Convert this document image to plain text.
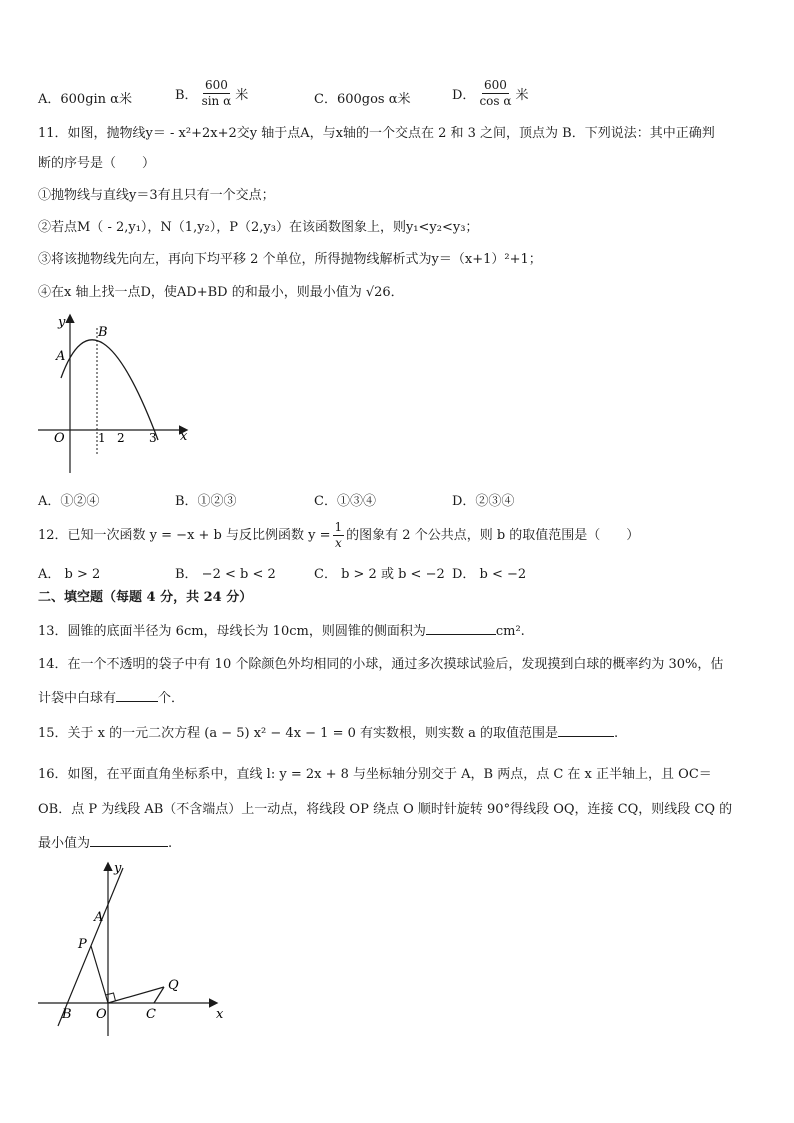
A．600gin α米	B． $\frac{600}{\text{sin α}}$ 米	C．600gos α米	D． $\frac{600}{\text{cos α}}$ 米
11．如图，抛物线y＝ - x²+2x+2交y 轴于点A，与x轴的一个交点在 2 和 3 之间，顶点为 B．下列说法：其中正确判
断的序号是（　　）
①抛物线与直线y＝3有且只有一个交点；
②若点M（ - 2,y₁），N（1,y₂），P（2,y₃）在该函数图象上，则y₁<y₂<y₃；
③将该抛物线先向左，再向下均平移 2 个单位，所得抛物线解析式为y＝（x+1）²+1；
④在x 轴上找一点D，使AD+BD 的和最小，则最小值为 √26．
y
x
B
A
O	1 2 3
A．①②④	B．①②③	C．①③④	D．②③④
12．已知一次函数 y = −x + b 与反比例函数 $y = \frac{1}{x}$ 的图象有 2 个公共点，则 b 的取值范围是（　　）
A． b > 2	B． −2 < b < 2	C． b > 2 或 b < −2 D． b < −2
二、填空题（每题 4 分，共 24 分）
13．圆锥的底面半径为 6cm，母线长为 10cm，则圆锥的侧面积为	cm².
14．在一个不透明的袋子中有 10 个除颜色外均相同的小球，通过多次摸球试验后，发现摸到白球的概率约为 30%，估
计袋中白球有	个．
15．关于 x 的一元二次方程 (a − 5) x² − 4x − 1 = 0 有实数根，则实数 a 的取值范围是	.
16．如图，在平面直角坐标系中，直线 l: y = 2x + 8 与坐标轴分别交于 A，B 两点，点 C 在 x 正半轴上，且 OC＝
OB．点 P 为线段 AB（不含端点）上一动点，将线段 OP 绕点 O 顺时针旋转 90°得线段 OQ，连接 CQ，则线段 CQ 的
最小值为	.
y
x
A
P
Q
B O	C
